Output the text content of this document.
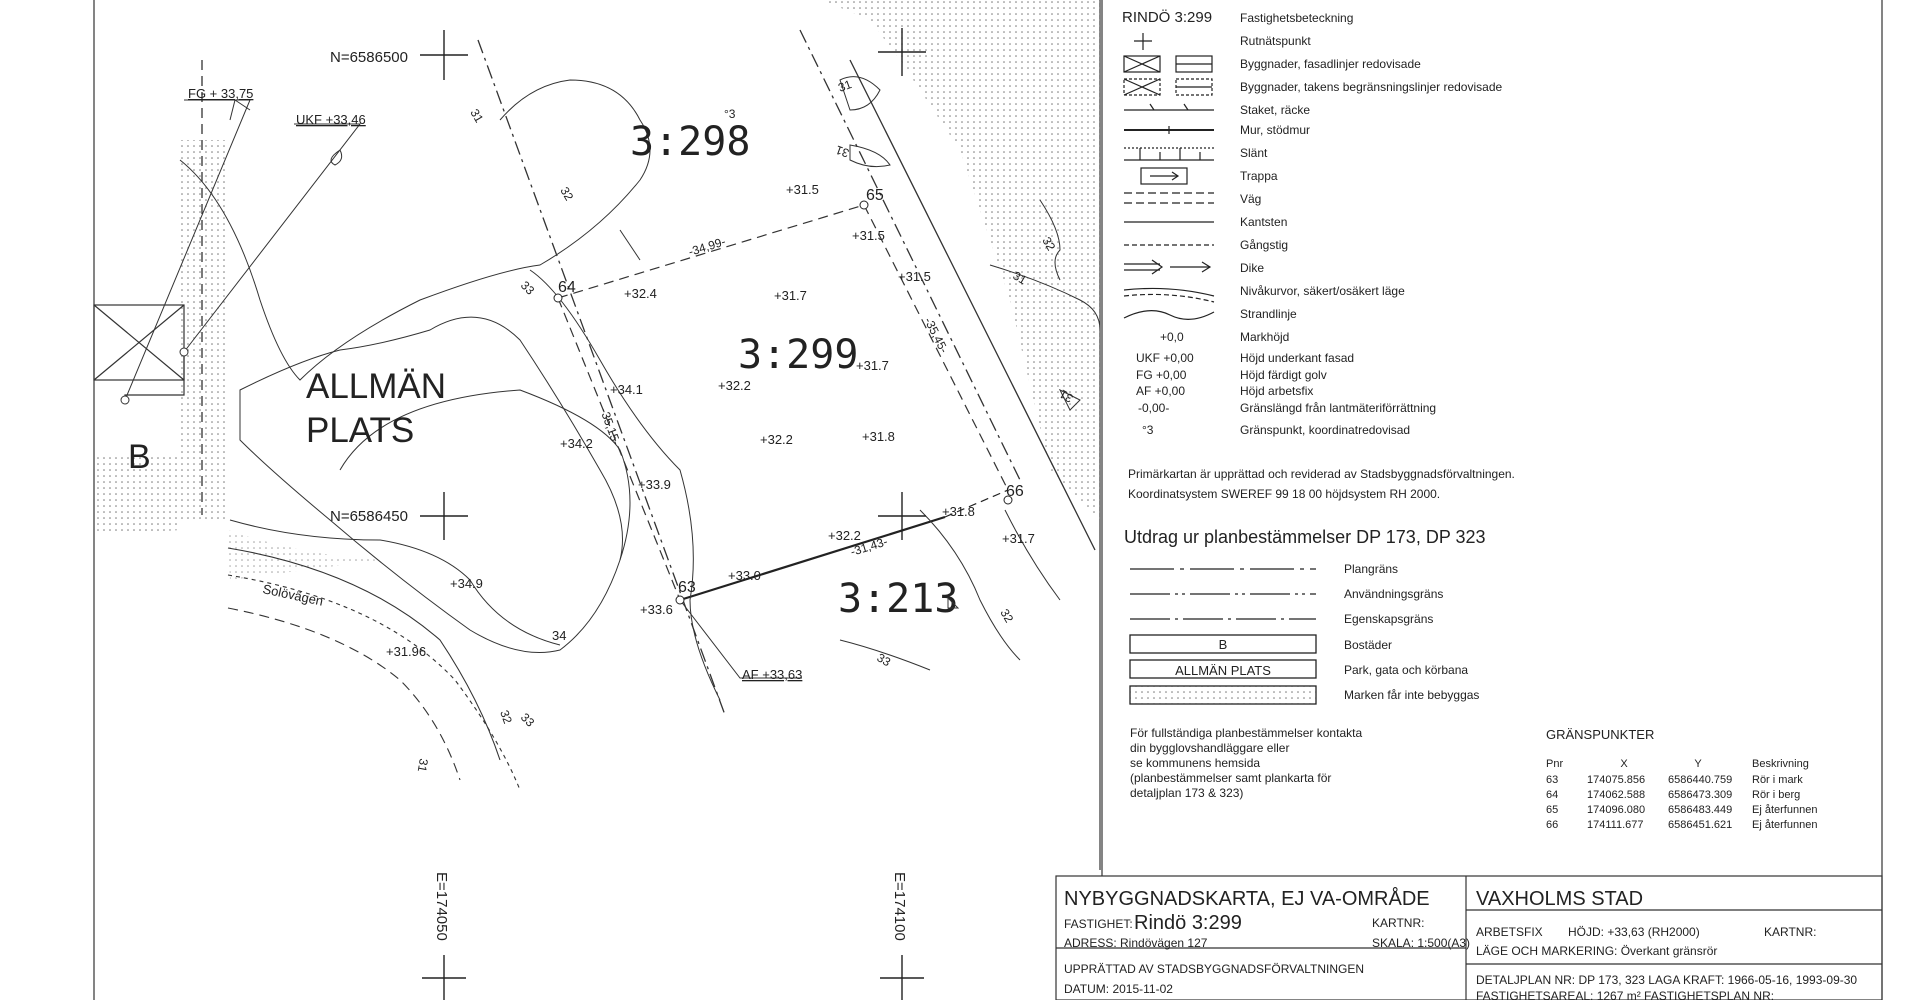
N=6586500
N=6586450
E=174050	E=174100
3:298
3:299
3:213
°3
ALLMÄN
PLATS
B
Solövägen
FG + 33,75
UKF +33,46
AF +33,63
+31.5
+31.5
+32.4	+31.7
+31.5
+31.7
+34.1	+32.2
+34.2	+32.2	+31.8
+33.9
+31.8
+31.7
+32.2
+33.0
+33.6
+34.9
+31.96
34
31
32
33
31
31
32
31
31
32
33
32
31
33
-34,99-
-35,15-
-35,45-
-31,43-
63
64
65
66
RINDÖ 3:299 Fastighetsbeteckning
Rutnätspunkt
Byggnader, fasadlinjer redovisade
Byggnader, takens begränsningslinjer redovisade
Staket, räcke
Mur, stödmur
Slänt
Trappa
Väg
Kantsten
Gångstig
Dike
Nivåkurvor, säkert/osäkert läge
Strandlinje
+0,0	Markhöjd
UKF +0,00	Höjd underkant fasad
FG +0,00	Höjd färdigt golv
AF +0,00	Höjd arbetsfix
-0,00-	Gränslängd från lantmäteriförrättning
°3	Gränspunkt, koordinatredovisad
Primärkartan är upprättad och reviderad av Stadsbyggnadsförvaltningen.
Koordinatsystem SWEREF 99 18 00 höjdsystem RH 2000.
Utdrag ur planbestämmelser DP 173, DP 323
B
ALLMÄN PLATS
Plangräns
Användningsgräns
Egenskapsgräns
Bostäder
Park, gata och körbana
Marken får inte bebyggas
För fullständiga planbestämmelser kontakta
din bygglovshandläggare eller
se kommunens hemsida
(planbestämmelser samt plankarta för
detaljplan 173 & 323)
GRÄNSPUNKTER
Pnr	X	Y	Beskrivning
63	174075.856 6586440.759 Rör i mark
64	174062.588 6586473.309 Rör i berg
65	174096.080 6586483.449 Ej återfunnen
66	174111.677 6586451.621 Ej återfunnen
NYBYGGNADSKARTA, EJ VA-OMRÅDE
FASTIGHET: Rindö 3:299
ADRESS: Rindövägen 127
KARTNR:
SKALA: 1:500(A3)
UPPRÄTTAD AV STADSBYGGNADSFÖRVALTNINGEN
DATUM: 2015-11-02
VAXHOLMS STAD
ARBETSFIX HÖJD: +33,63 (RH2000)	KARTNR:
LÄGE OCH MARKERING: Överkant gränsrör
DETALJPLAN NR: DP 173, 323 LAGA KRAFT: 1966-05-16, 1993-09-30
FASTIGHETSAREAL: 1267 m² FASTIGHETSPLAN NR:
